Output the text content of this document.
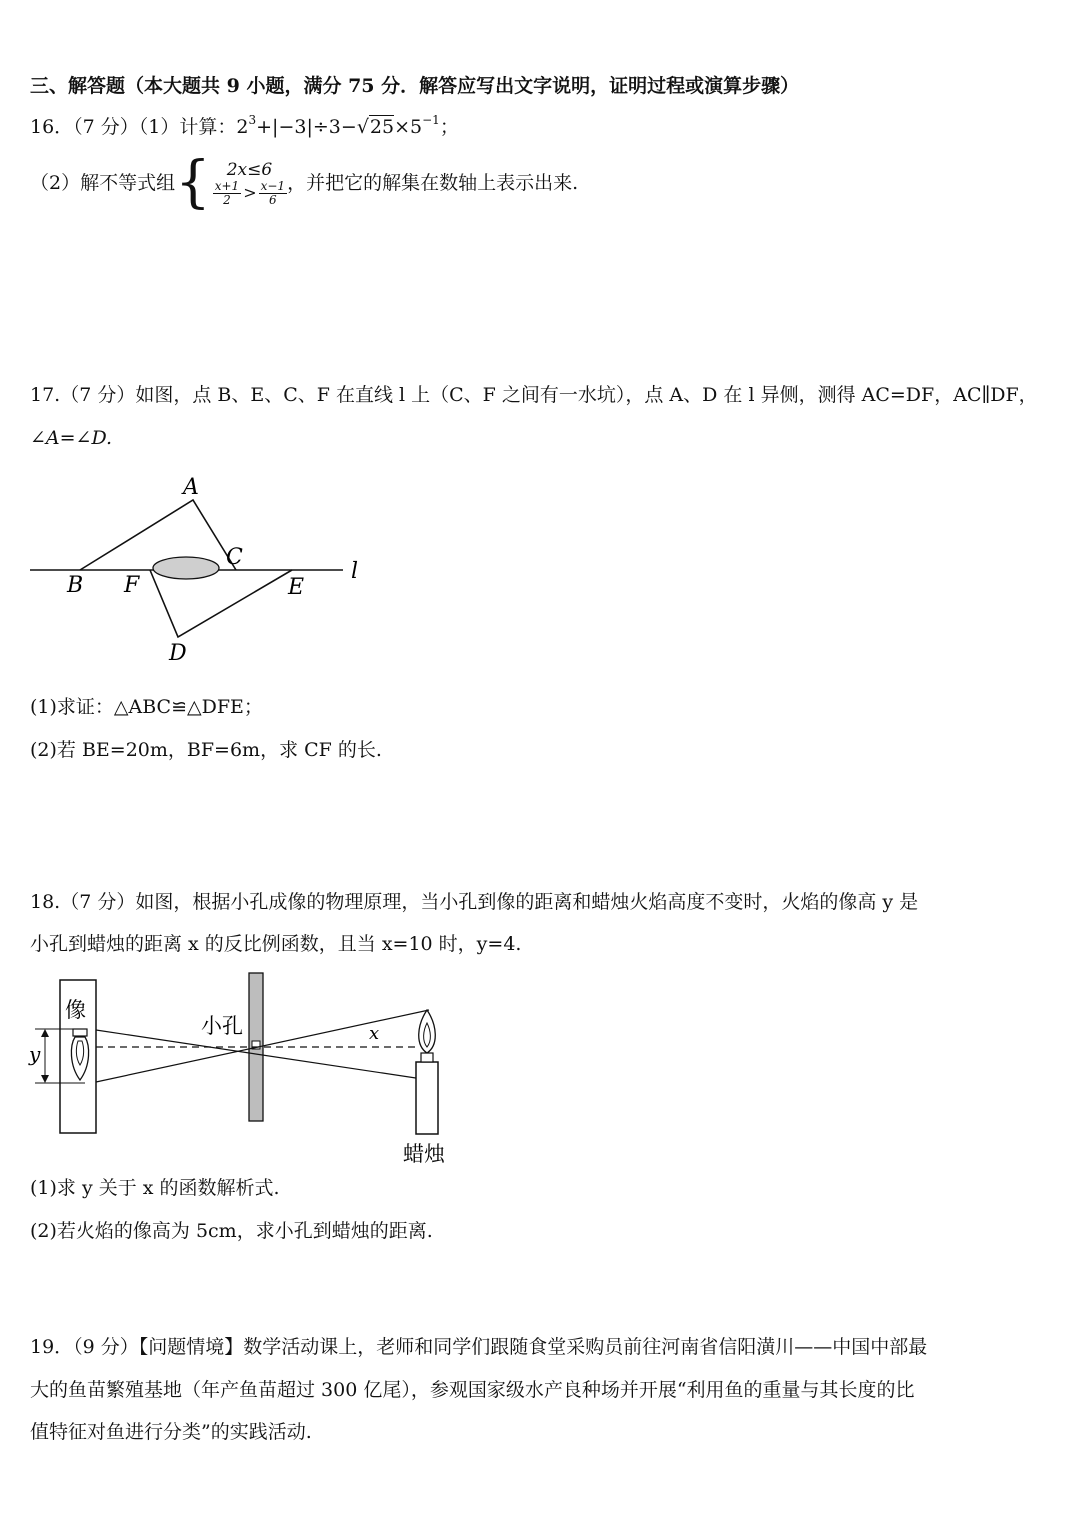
三、解答题（本大题共 9 小题，满分 75 分．解答应写出文字说明，证明过程或演算步骤）
16．（7 分）（1）计算：$2^3+|-3|\div 3-√25\times 5^{-1}$；
（2）解不等式组 { 2x≤6
$\frac{x+1}{2} > \frac{x-1}{6}$ ，并把它的解集在数轴上表示出来.
17.（7 分）如图，点 B、E、C、F 在直线 l 上（C、F 之间有一水坑），点 A、D 在 l 异侧，测得 AC=DF，AC∥DF，
∠A=∠D.
A
B
C
D
E
F
l
(1)求证：△ABC≌△DFE；
(2)若 BE=20m，BF=6m，求 CF 的长.
18.（7 分）如图，根据小孔成像的物理原理，当小孔到像的距离和蜡烛火焰高度不变时，火焰的像高 y 是
小孔到蜡烛的距离 x 的反比例函数，且当 x=10 时，y=4.
像
y
小孔	x
蜡烛
(1)求 y 关于 x 的函数解析式.
(2)若火焰的像高为 5cm，求小孔到蜡烛的距离.
19．（9 分）【问题情境】数学活动课上，老师和同学们跟随食堂采购员前往河南省信阳潢川——中国中部最
大的鱼苗繁殖基地（年产鱼苗超过 300 亿尾），参观国家级水产良种场并开展“利用鱼的重量与其长度的比
值特征对鱼进行分类”的实践活动.
